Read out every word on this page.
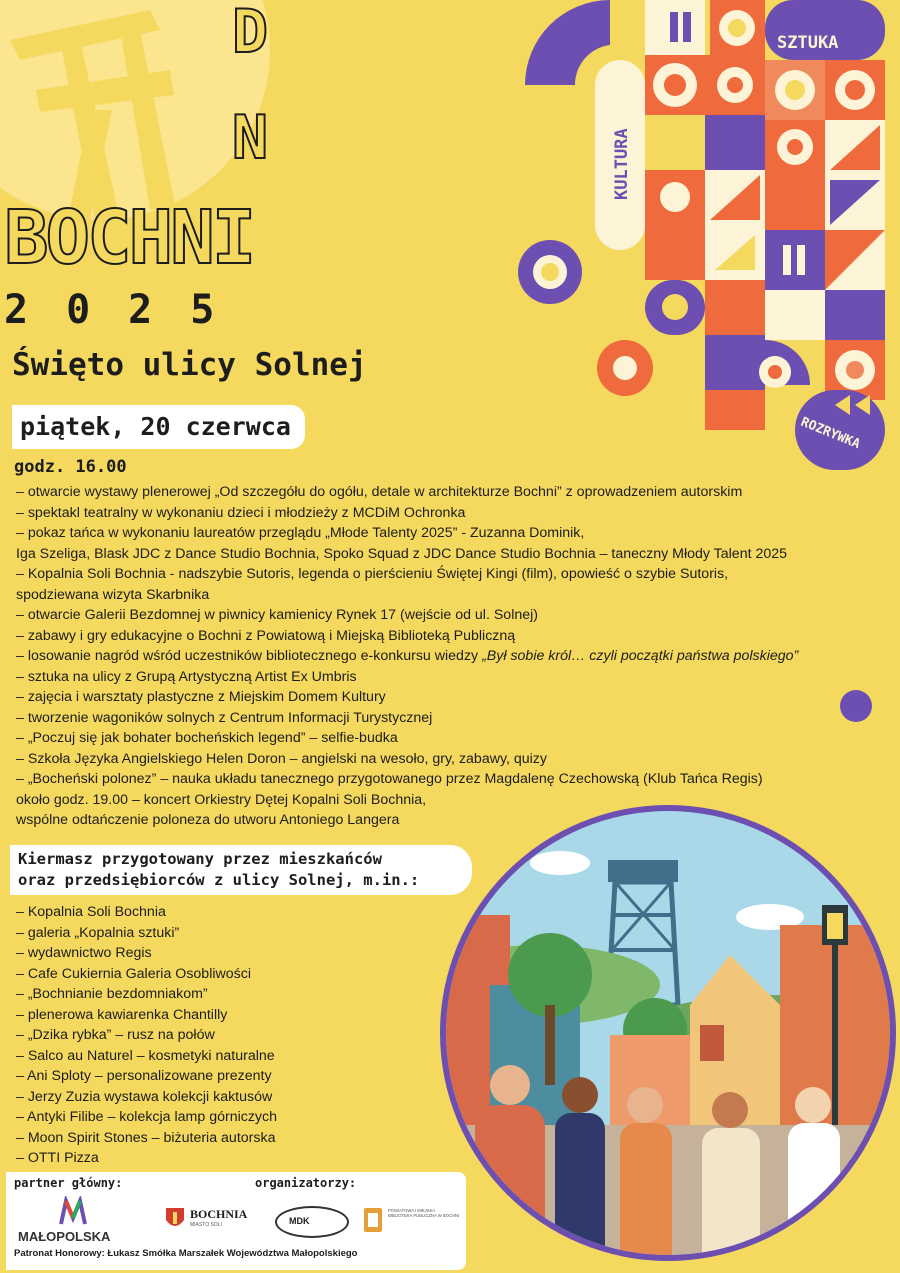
D
N
BOCHNI
2025
Święto ulicy Solnej
piątek, 20 czerwca
godz. 16.00
SZTUKA
KULTURA
ROZRYWKA
– otwarcie wystawy plenerowej „Od szczegółu do ogółu, detale w architekturze Bochni” z oprowadzeniem autorskim
– spektakl teatralny w wykonaniu dzieci i młodzieży z MCDiM Ochronka
– pokaz tańca w wykonaniu laureatów przeglądu „Młode Talenty 2025” - Zuzanna Dominik,
Iga Szeliga, Blask JDC z Dance Studio Bochnia, Spoko Squad z JDC Dance Studio Bochnia – taneczny Młody Talent 2025
– Kopalnia Soli Bochnia - nadszybie Sutoris, legenda o pierścieniu Świętej Kingi (film), opowieść o szybie Sutoris,
spodziewana wizyta Skarbnika
– otwarcie Galerii Bezdomnej w piwnicy kamienicy Rynek 17 (wejście od ul. Solnej)
– zabawy i gry edukacyjne o Bochni z Powiatową i Miejską Biblioteką Publiczną
– losowanie nagród wśród uczestników bibliotecznego e-konkursu wiedzy „Był sobie król… czyli początki państwa polskiego”
– sztuka na ulicy z Grupą Artystyczną Artist Ex Umbris
– zajęcia i warsztaty plastyczne z Miejskim Domem Kultury
– tworzenie wagoników solnych z Centrum Informacji Turystycznej
– „Poczuj się jak bohater bocheńskich legend” – selfie-budka
– Szkoła Języka Angielskiego Helen Doron – angielski na wesoło, gry, zabawy, quizy
– „Bocheński polonez” – nauka układu tanecznego przygotowanego przez Magdalenę Czechowską (Klub Tańca Regis)
około godz. 19.00 – koncert Orkiestry Dętej Kopalni Soli Bochnia,
wspólne odtańczenie poloneza do utworu Antoniego Langera
Kiermasz przygotowany przez mieszkańców
oraz przedsiębiorców z ulicy Solnej, m.in.:
– Kopalnia Soli Bochnia
– galeria „Kopalnia sztuki”
– wydawnictwo Regis
– Cafe Cukiernia Galeria Osobliwości
– „Bochnianie bezdomniakom”
– plenerowa kawiarenka Chantilly
– „Dzika rybka” – rusz na połów
– Salco au Naturel – kosmetyki naturalne
– Ani Sploty – personalizowane prezenty
– Jerzy Zuzia wystawa kolekcji kaktusów
– Antyki Filibe – kolekcja lamp górniczych
– Moon Spirit Stones – biżuteria autorska
– OTTI Pizza
partner główny:	organizatorzy:
MAŁOPOLSKA
BOCHNIA
MIASTO SOLI	MDK
POWIATOWA I MIEJSKA BIBLIOTEKA PUBLICZNA W BOCHNI
Patronat Honorowy: Łukasz Smółka Marszałek Województwa Małopolskiego
